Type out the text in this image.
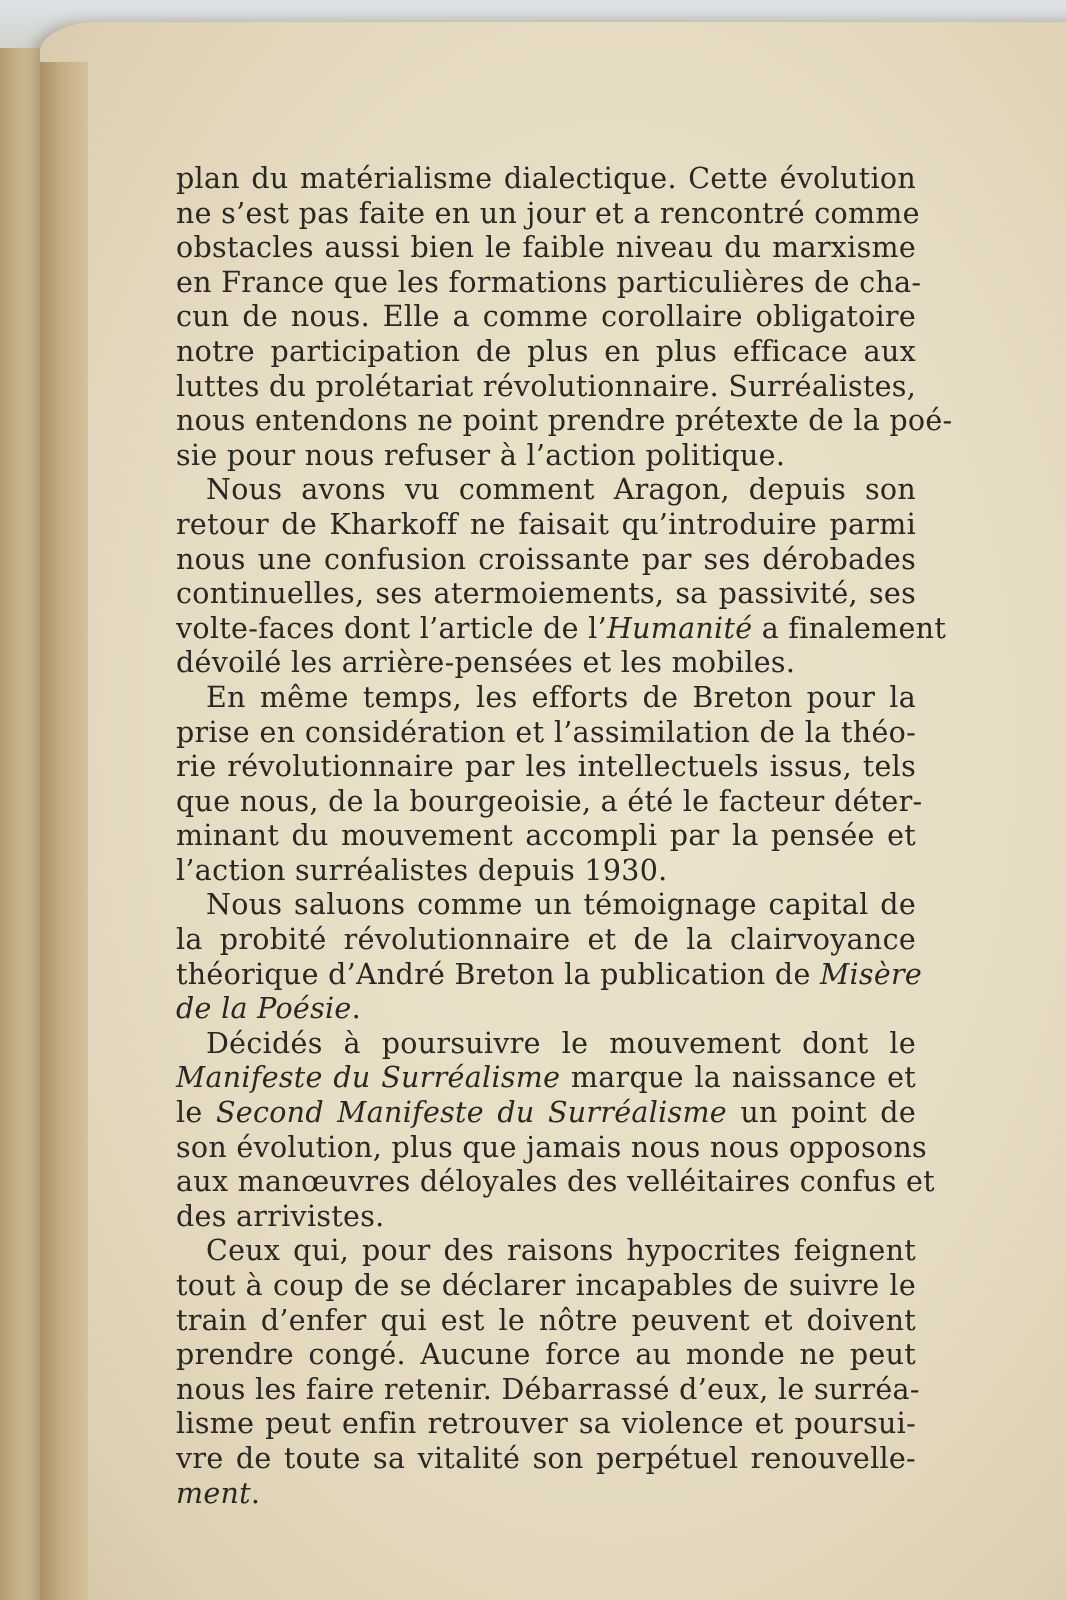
plan du matérialisme dialectique. Cette évolution
ne s’est pas faite en un jour et a rencontré comme
obstacles aussi bien le faible niveau du marxisme
en France que les formations particulières de cha-
cun de nous. Elle a comme corollaire obligatoire
notre participation de plus en plus efficace aux
luttes du prolétariat révolutionnaire. Surréalistes,
nous entendons ne point prendre prétexte de la poé-
sie pour nous refuser à l’action politique.
Nous avons vu comment Aragon, depuis son
retour de Kharkoff ne faisait qu’introduire parmi
nous une confusion croissante par ses dérobades
continuelles, ses atermoiements, sa passivité, ses
volte-faces dont l’article de l’Humanité a finalement
dévoilé les arrière-pensées et les mobiles.
En même temps, les efforts de Breton pour la
prise en considération et l’assimilation de la théo-
rie révolutionnaire par les intellectuels issus, tels
que nous, de la bourgeoisie, a été le facteur déter-
minant du mouvement accompli par la pensée et
l’action surréalistes depuis 1930.
Nous saluons comme un témoignage capital de
la probité révolutionnaire et de la clairvoyance
théorique d’André Breton la publication de Misère
de la Poésie.
Décidés à poursuivre le mouvement dont le
Manifeste du Surréalisme marque la naissance et
le Second Manifeste du Surréalisme un point de
son évolution, plus que jamais nous nous opposons
aux manœuvres déloyales des velléitaires confus et
des arrivistes.
Ceux qui, pour des raisons hypocrites feignent
tout à coup de se déclarer incapables de suivre le
train d’enfer qui est le nôtre peuvent et doivent
prendre congé. Aucune force au monde ne peut
nous les faire retenir. Débarrassé d’eux, le surréa-
lisme peut enfin retrouver sa violence et poursui-
vre de toute sa vitalité son perpétuel renouvelle-
ment.
